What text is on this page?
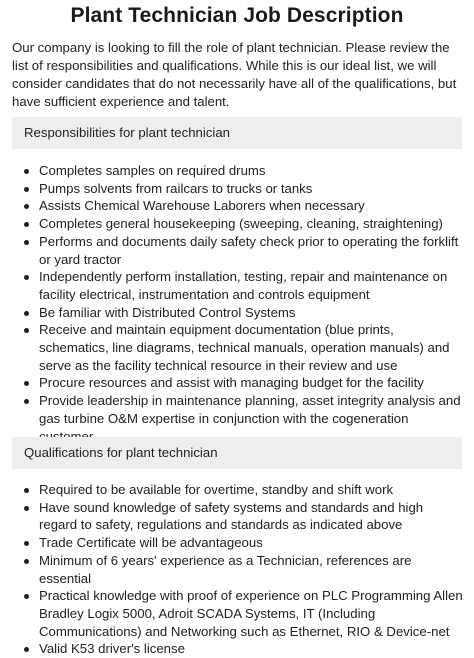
Plant Technician Job Description

Our company is looking to fill the role of plant technician. Please review the list of responsibilities and qualifications. While this is our ideal list, we will consider candidates that do not necessarily have all of the qualifications, but have sufficient experience and talent.

Responsibilities for plant technician
Completes samples on required drums
Pumps solvents from railcars to trucks or tanks
Assists Chemical Warehouse Laborers when necessary
Completes general housekeeping (sweeping, cleaning, straightening)
Performs and documents daily safety check prior to operating the forklift or yard tractor
Independently perform installation, testing, repair and maintenance on facility electrical, instrumentation and controls equipment
Be familiar with Distributed Control Systems
Receive and maintain equipment documentation (blue prints, schematics, line diagrams, technical manuals, operation manuals) and serve as the facility technical resource in their review and use
Procure resources and assist with managing budget for the facility
Provide leadership in maintenance planning, asset integrity analysis and gas turbine O&M expertise in conjunction with the cogeneration
Qualifications for plant technician
Required to be available for overtime, standby and shift work
Have sound knowledge of safety systems and standards and high regard to safety, regulations and standards as indicated above
Trade Certificate will be advantageous
Minimum of 6 years' experience as a Technician, references are essential
Practical knowledge with proof of experience on PLC Programming Allen Bradley Logix 5000, Adroit SCADA Systems, IT (Including Communications) and Networking such as Ethernet, RIO & Device-net
Valid K53 driver's license
